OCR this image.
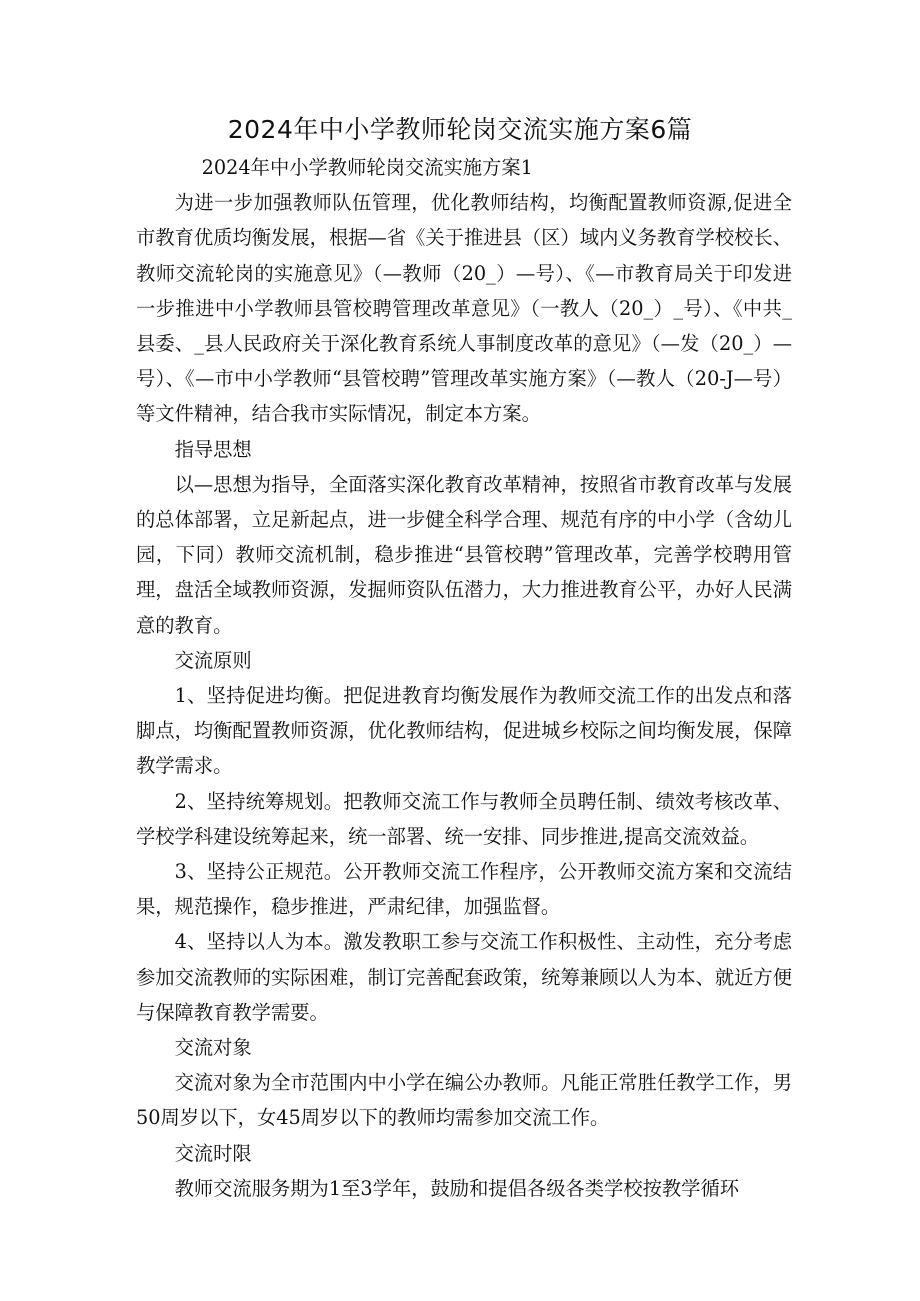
2024年中小学教师轮岗交流实施方案6篇

2024年中小学教师轮岗交流实施方案1

为进一步加强教师队伍管理，优化教师结构，均衡配置教师资源,促进全市教育优质均衡发展，根据—省《关于推进县（区）域内义务教育学校校长、教师交流轮岗的实施意见》（—教师（20_）—号）、《—市教育局关于印发进一步推进中小学教师县管校聘管理改革意见》（一教人（20_）_号）、《中共_县委、_县人民政府关于深化教育系统人事制度改革的意见》（—发（20_）—号）、《—市中小学教师“县管校聘”管理改革实施方案》（—教人（20-J—号）等文件精神，结合我市实际情况，制定本方案。

指导思想

以—思想为指导，全面落实深化教育改革精神，按照省市教育改革与发展的总体部署，立足新起点，进一步健全科学合理、规范有序的中小学（含幼儿园，下同）教师交流机制，稳步推进“县管校聘”管理改革，完善学校聘用管理，盘活全域教师资源，发掘师资队伍潜力，大力推进教育公平，办好人民满意的教育。

交流原则

1、坚持促进均衡。把促进教育均衡发展作为教师交流工作的出发点和落脚点，均衡配置教师资源，优化教师结构，促进城乡校际之间均衡发展，保障教学需求。

2、坚持统筹规划。把教师交流工作与教师全员聘任制、绩效考核改革、学校学科建设统筹起来，统一部署、统一安排、同步推进,提高交流效益。

3、坚持公正规范。公开教师交流工作程序，公开教师交流方案和交流结果，规范操作，稳步推进，严肃纪律，加强监督。

4、坚持以人为本。激发教职工参与交流工作积极性、主动性，充分考虑参加交流教师的实际困难，制订完善配套政策，统筹兼顾以人为本、就近方便与保障教育教学需要。

交流对象

交流对象为全市范围内中小学在编公办教师。凡能正常胜任教学工作，男50周岁以下，女45周岁以下的教师均需参加交流工作。

交流时限

教师交流服务期为1至3学年，鼓励和提倡各级各类学校按教学循环
